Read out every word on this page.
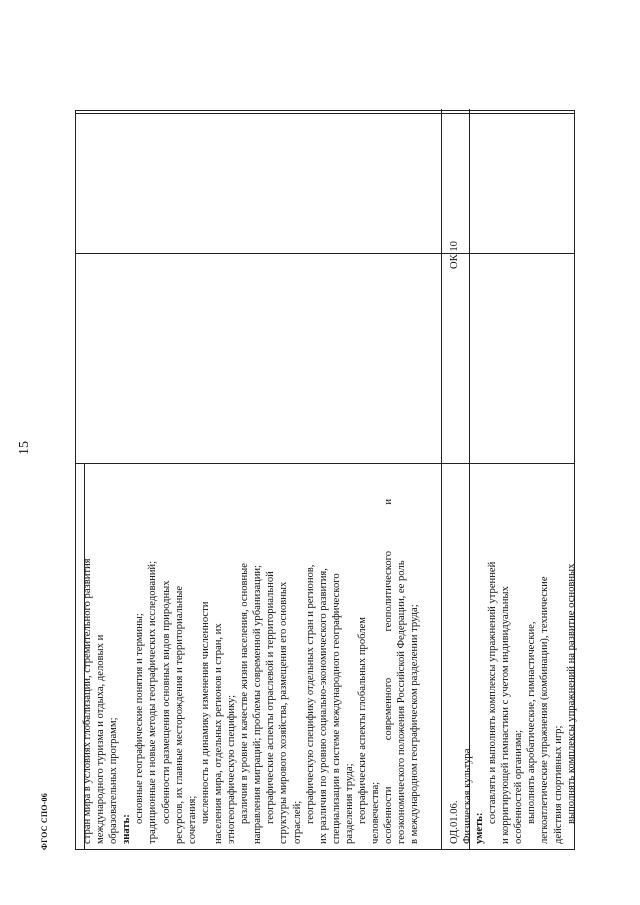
15

стран мира в условиях глобализации, стремительного развития международного туризма и отдыха, деловых и образовательных программ; знать:

основные географические понятия и термины; традиционные и новые методы географических исследований; особенности размещения основных видов природных ресурсов, их главные месторождения и территориальные сочетания; численность и динамику изменения численности населения мира, отдельных регионов и стран, их этногеографическую специфику; различия в уровне и качестве жизни населения, основные направления миграций; проблемы современной урбанизации; географические аспекты отраслевой и территориальной структуры мирового хозяйства, размещения его основных отраслей; географическую специфику отдельных стран и регионов, их различия по уровню социально-экономического развития, специализации в системе международного географического разделения труда; географические аспекты глобальных проблем человечества; особенности современного геополитического и геоэкономического положения Российской Федерации, ее роль в международном географическом разделении труда;	ОД.01.06. Физическая культура

ОК 10

уметь:

составлять и выполнять комплексы упражнений утренней и корригирующей гимнастики с учетом индивидуальных особенностей организма; выполнять акробатические, гимнастические, легкоатлетические упражнения (комбинации), технические действия спортивных игр; выполнять комплексы упражнений на развитие основных

ФГОС СПО-06
